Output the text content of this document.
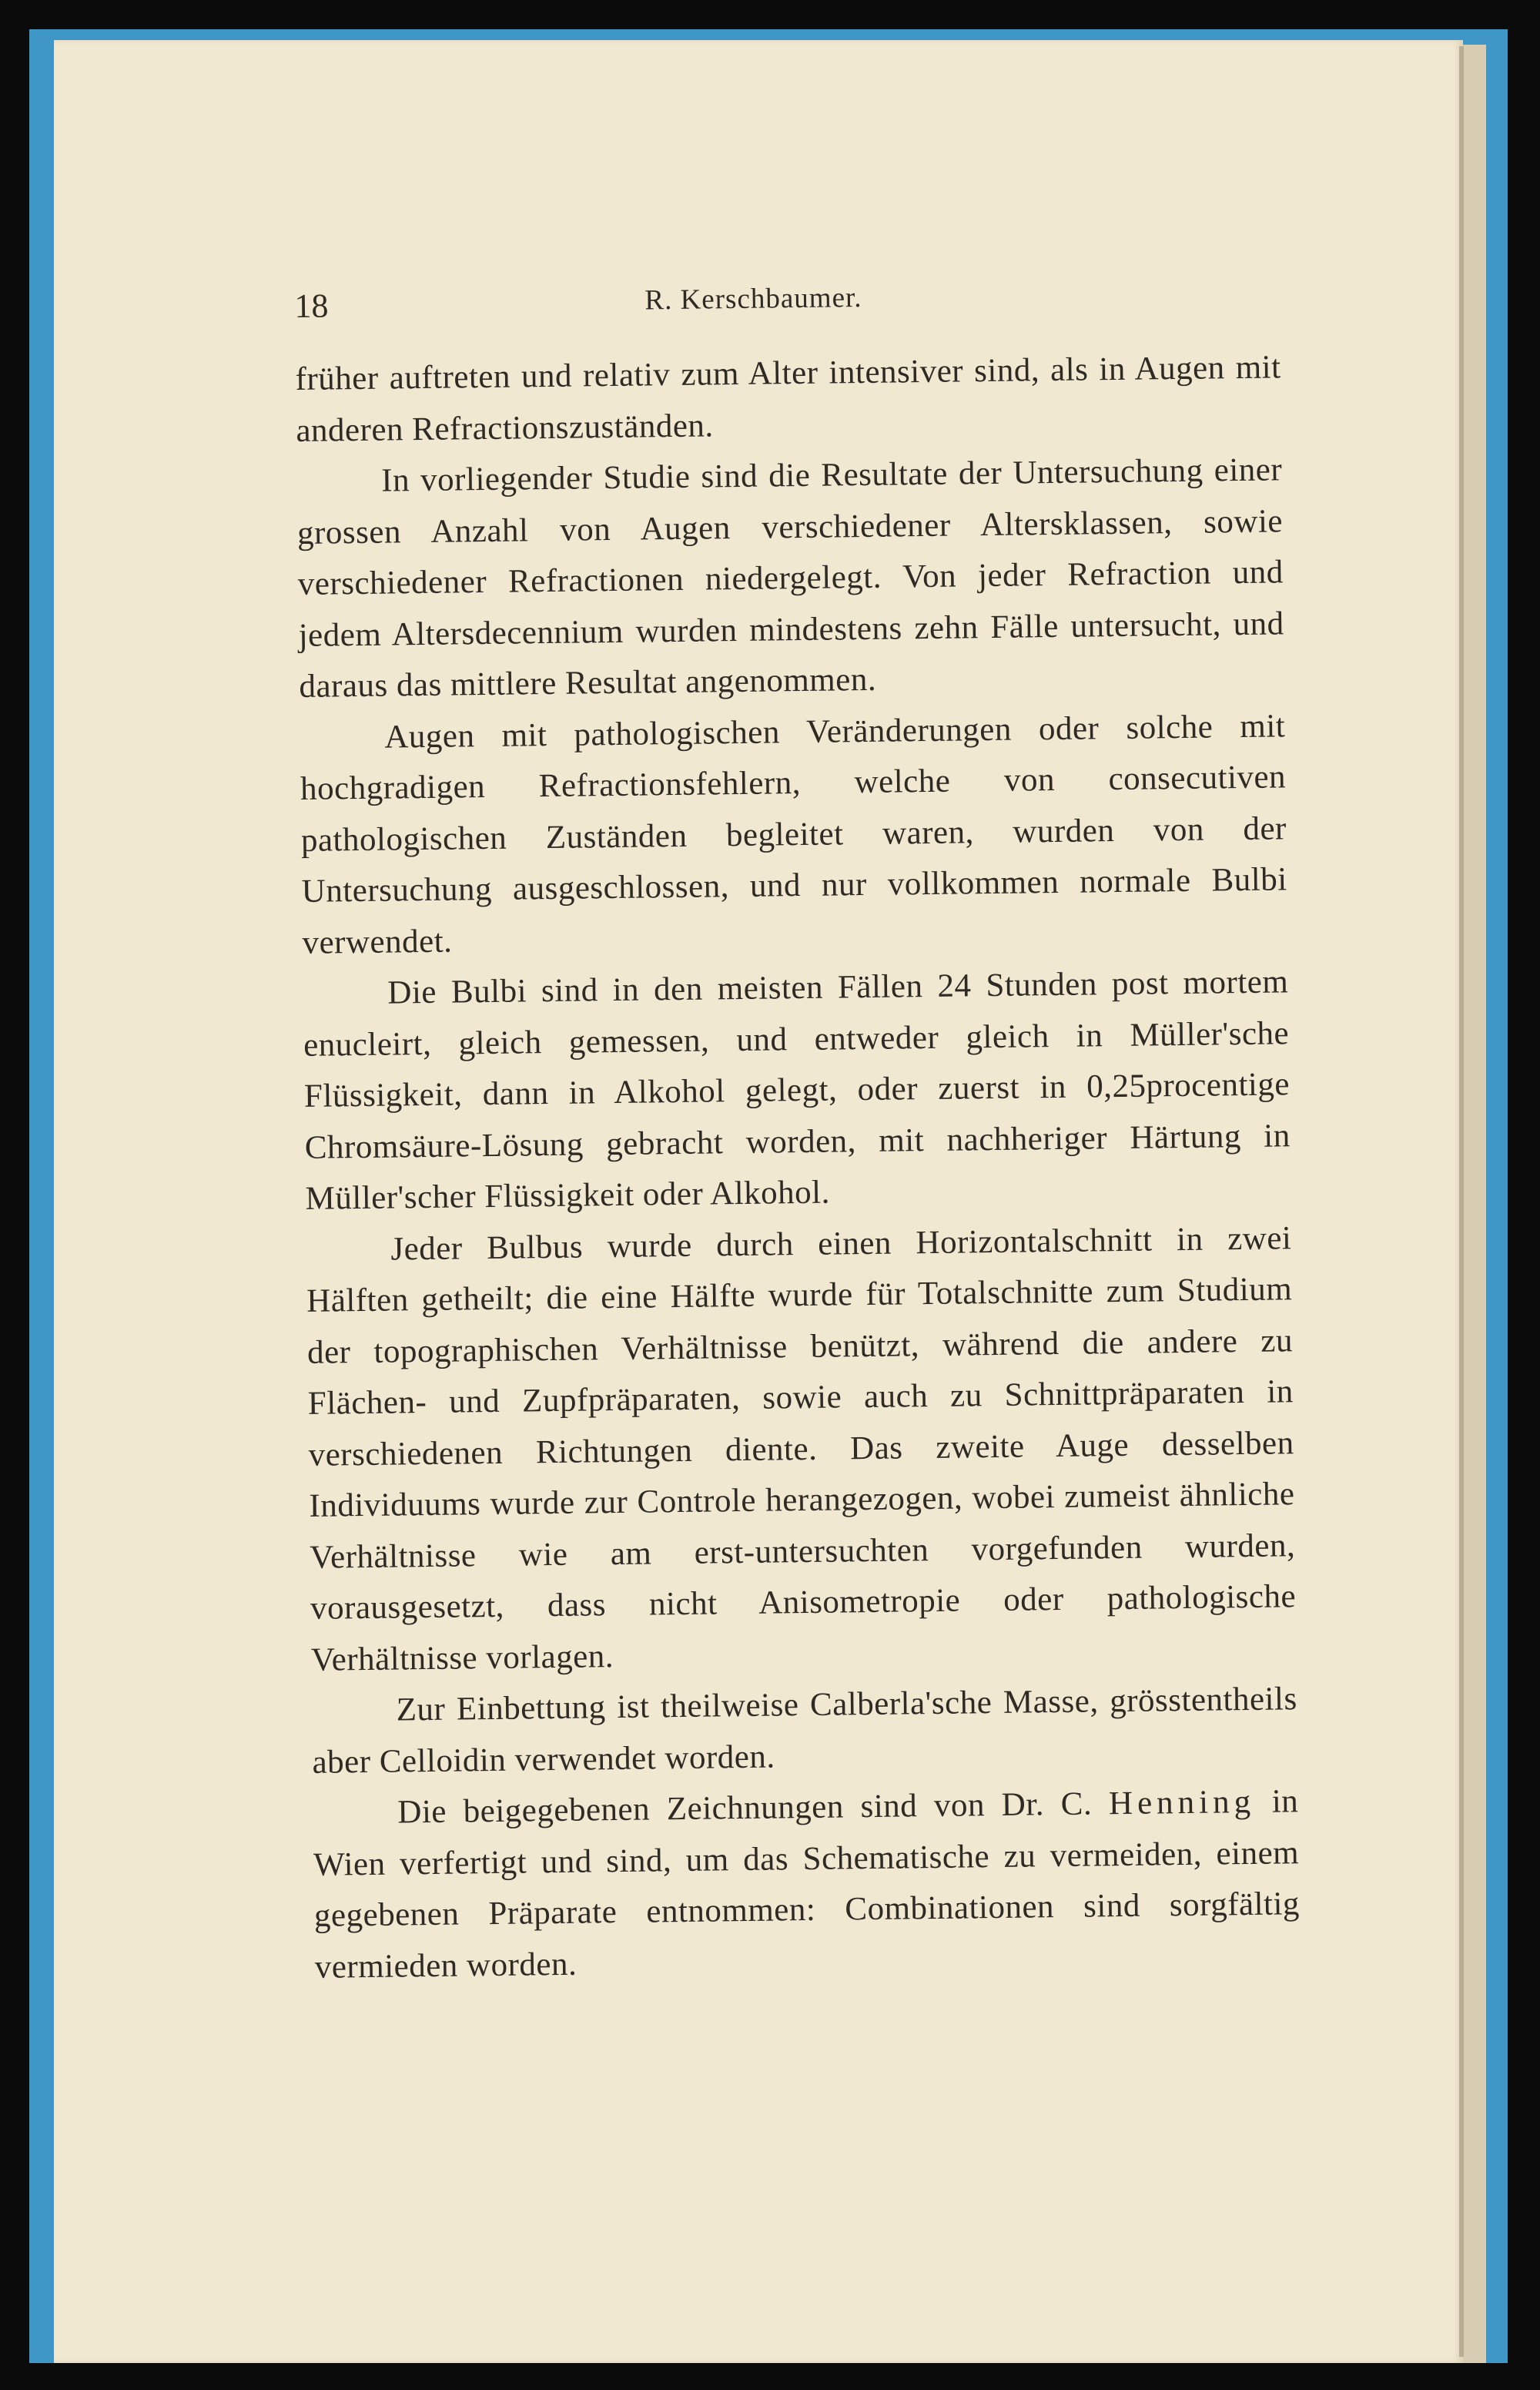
18	R. Kerschbaumer.

früher auftreten und relativ zum Alter intensiver sind, als in Augen mit anderen Refractionszuständen.

In vorliegender Studie sind die Resultate der Untersuchung einer grossen Anzahl von Augen verschiedener Altersklassen, sowie verschiedener Refractionen niedergelegt. Von jeder Refraction und jedem Altersdecennium wurden mindestens zehn Fälle untersucht, und daraus das mittlere Resultat angenommen.

Augen mit pathologischen Veränderungen oder solche mit hochgradigen Refractionsfehlern, welche von consecutiven pathologischen Zuständen begleitet waren, wurden von der Untersuchung ausgeschlossen, und nur vollkommen normale Bulbi verwendet.

Die Bulbi sind in den meisten Fällen 24 Stunden post mortem enucleirt, gleich gemessen, und entweder gleich in Müller'sche Flüssigkeit, dann in Alkohol gelegt, oder zuerst in 0,25procentige Chromsäure-Lösung gebracht worden, mit nachheriger Härtung in Müller'scher Flüssigkeit oder Alkohol.

Jeder Bulbus wurde durch einen Horizontalschnitt in zwei Hälften getheilt; die eine Hälfte wurde für Totalschnitte zum Studium der topographischen Verhältnisse benützt, während die andere zu Flächen- und Zupfpräparaten, sowie auch zu Schnittpräparaten in verschiedenen Richtungen diente. Das zweite Auge desselben Individuums wurde zur Controle herangezogen, wobei zumeist ähnliche Verhältnisse wie am erst-untersuchten vorgefunden wurden, vorausgesetzt, dass nicht Anisometropie oder pathologische Verhältnisse vorlagen.

Zur Einbettung ist theilweise Calberla'sche Masse, grösstentheils aber Celloidin verwendet worden.

Die beigegebenen Zeichnungen sind von Dr. C. Henning in Wien verfertigt und sind, um das Schematische zu vermeiden, einem gegebenen Präparate entnommen: Combinationen sind sorgfältig vermieden worden.
